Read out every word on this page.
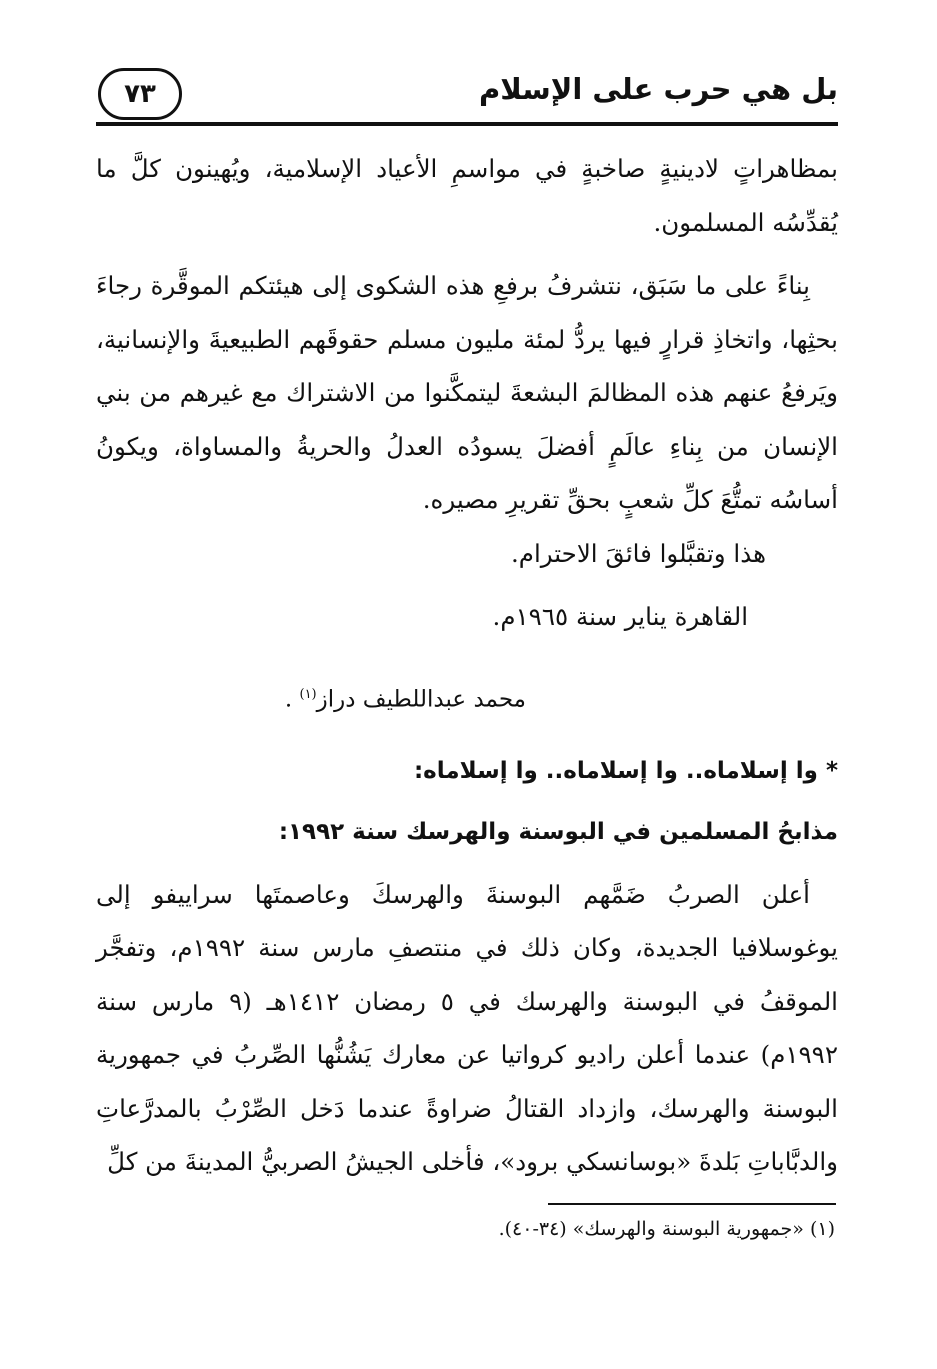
بل هي حرب على الإسلام
٧٣

بمظاهراتٍ لادينيةٍ صاخبةٍ في مواسمِ الأعياد الإسلامية، ويُهينون كلَّ ما يُقدِّسُه المسلمون.

بِناءً على ما سَبَق، نتشرفُ برفعِ هذه الشكوى إلى هيئتكم الموقَّرة رجاءَ بحثِها، واتخاذِ قرارٍ فيها يردُّ لمئة مليون مسلم حقوقَهم الطبيعيةَ والإنسانية، ويَرفعُ عنهم هذه المظالمَ البشعةَ ليتمكَّنوا من الاشتراك مع غيرهم من بني الإنسان من بِناءِ عالَمٍ أفضلَ يسودُه العدلُ والحريةُ والمساواة، ويكونُ أساسُه تمتُّعَ كلِّ شعبٍ بحقِّ تقريرِ مصيره.

هذا وتقبَّلوا فائقَ الاحترام.

القاهرة يناير سنة ١٩٦٥م.

محمد عبداللطيف دراز$^{(١)}$ .

* وا إسلاماه.. وا إسلاماه.. وا إسلاماه:

مذابحُ المسلمين في البوسنة والهرسك سنة ١٩٩٢:

أعلن الصربُ ضَمَّهم البوسنةَ والهرسكَ وعاصمتَها سراييفو إلى يوغوسلافيا الجديدة، وكان ذلك في منتصفِ مارس سنة ١٩٩٢م، وتفجَّر الموقفُ في البوسنة والهرسك في ٥ رمضان ١٤١٢هـ (٩ مارس سنة ١٩٩٢م) عندما أعلن راديو كرواتيا عن معارك يَشُنُّها الصِّربُ في جمهورية البوسنة والهرسك، وازداد القتالُ ضراوةً عندما دَخل الصِّرْبُ بالمدرَّعاتِ والدبَّاباتِ بَلدةَ «بوسانسكي برود»، فأخلى الجيشُ الصربيُّ المدينةَ من كلِّ

(١) «جمهورية البوسنة والهرسك» (٣٤-٤٠).
